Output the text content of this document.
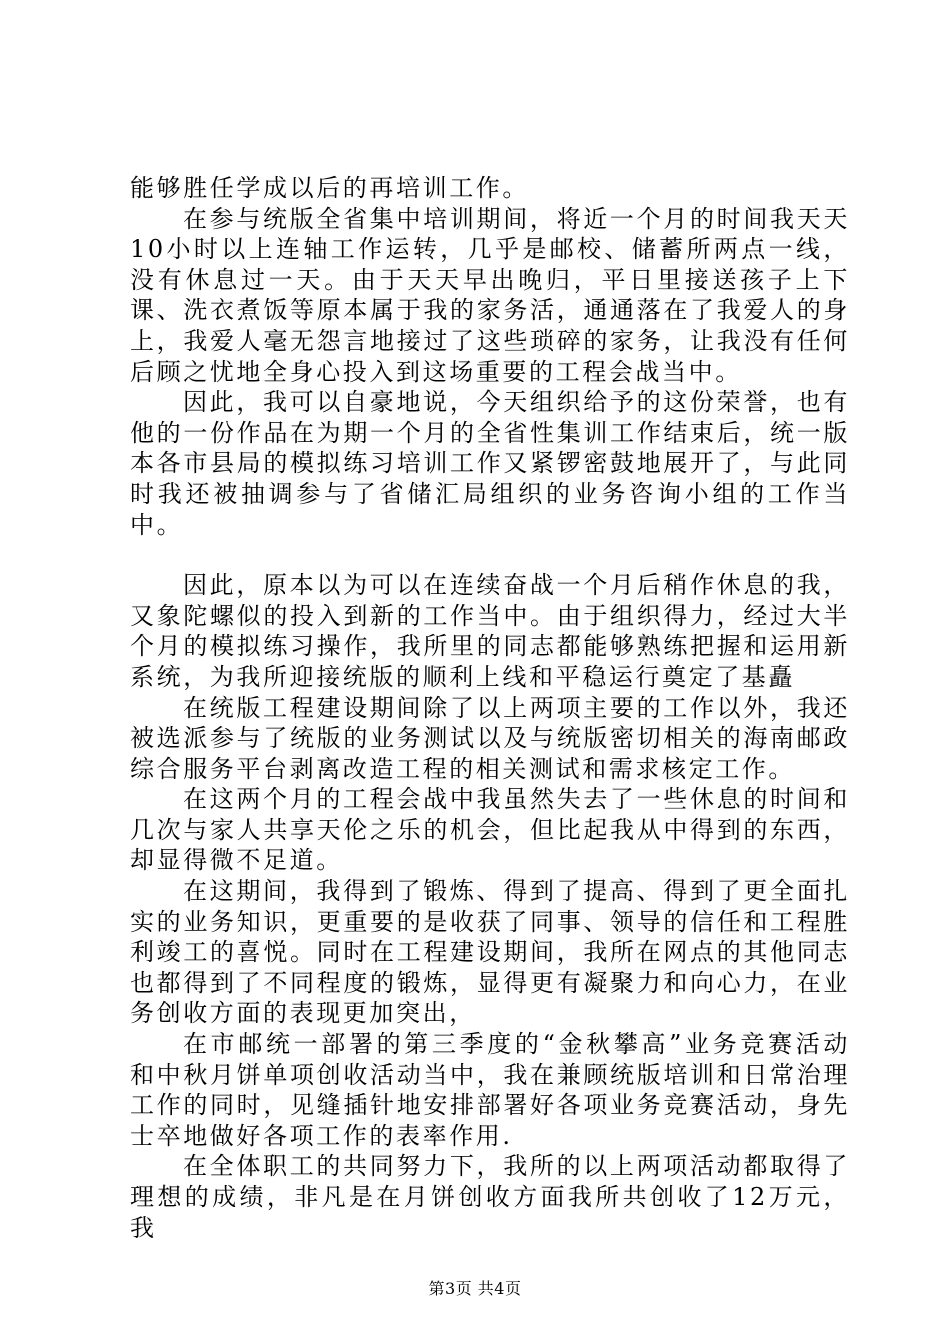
能够胜任学成以后的再培训工作。

在参与统版全省集中培训期间，将近一个月的时间我天天10小时以上连轴工作运转，几乎是邮校、储蓄所两点一线，没有休息过一天。由于天天早出晚归，平日里接送孩子上下课、洗衣煮饭等原本属于我的家务活，通通落在了我爱人的身上，我爱人毫无怨言地接过了这些琐碎的家务，让我没有任何后顾之忧地全身心投入到这场重要的工程会战当中。

因此，我可以自豪地说，今天组织给予的这份荣誉，也有他的一份作品在为期一个月的全省性集训工作结束后，统一版本各市县局的模拟练习培训工作又紧锣密鼓地展开了，与此同时我还被抽调参与了省储汇局组织的业务咨询小组的工作当中。

因此，原本以为可以在连续奋战一个月后稍作休息的我，又象陀螺似的投入到新的工作当中。由于组织得力，经过大半个月的模拟练习操作，我所里的同志都能够熟练把握和运用新系统，为我所迎接统版的顺利上线和平稳运行奠定了基矗

在统版工程建设期间除了以上两项主要的工作以外，我还被选派参与了统版的业务测试以及与统版密切相关的海南邮政综合服务平台剥离改造工程的相关测试和需求核定工作。

在这两个月的工程会战中我虽然失去了一些休息的时间和几次与家人共享天伦之乐的机会，但比起我从中得到的东西，却显得微不足道。

在这期间，我得到了锻炼、得到了提高、得到了更全面扎实的业务知识，更重要的是收获了同事、领导的信任和工程胜利竣工的喜悦。同时在工程建设期间，我所在网点的其他同志也都得到了不同程度的锻炼，显得更有凝聚力和向心力，在业务创收方面的表现更加突出，

在市邮统一部署的第三季度的“金秋攀高”业务竞赛活动和中秋月饼单项创收活动当中，我在兼顾统版培训和日常治理工作的同时，见缝插针地安排部署好各项业务竞赛活动，身先士卒地做好各项工作的表率作用.

在全体职工的共同努力下，我所的以上两项活动都取得了理想的成绩，非凡是在月饼创收方面我所共创收了12万元，我

第3页 共4页
